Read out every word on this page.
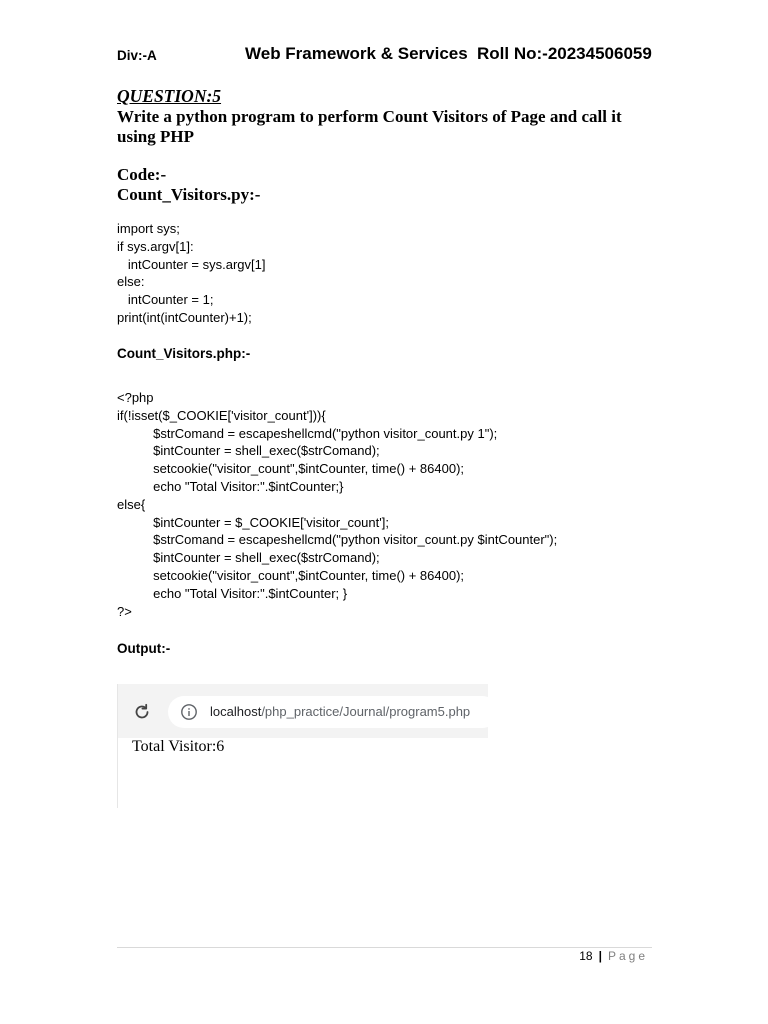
Div:-A	Web Framework & Services Roll No:-20234506059
QUESTION:5
Write a python program to perform Count Visitors of Page and call it using PHP
Code:-
Count_Visitors.py:-
import sys;
if sys.argv[1]:
intCounter = sys.argv[1]
else:
intCounter = 1;
print(int(intCounter)+1);
Count_Visitors.php:-
<?php
if(!isset($_COOKIE['visitor_count'])){
$strComand = escapeshellcmd("python visitor_count.py 1");
$intCounter = shell_exec($strComand);
setcookie("visitor_count",$intCounter, time() + 86400);
echo "Total Visitor:".$intCounter;}
else{
$intCounter = $_COOKIE['visitor_count'];
$strComand = escapeshellcmd("python visitor_count.py $intCounter");
$intCounter = shell_exec($strComand);
setcookie("visitor_count",$intCounter, time() + 86400);
echo "Total Visitor:".$intCounter; }
?>
Output:-
localhost/php_practice/Journal/program5.php
Total Visitor:6
18 | Page
